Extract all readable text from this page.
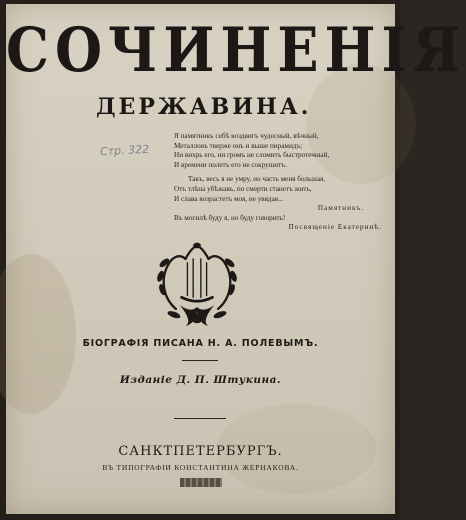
СОЧИНЕНІЯ
ДЕРЖАВИНА.
Стр. 322
Я памятникъ себѣ воздвигъ чудесный, вѣчный,
Металловъ тверже онъ и выше пирамидъ;
Ни вихрь его, ни громъ не сломитъ быстротечный,
И времени полетъ его не сокрушитъ.
Такъ, весь я не умру, но часть меня большая,
Отъ тлѣна убѣжавъ, по смерти станетъ жить,
И слава возрастетъ моя, не увядая...
Памятникъ.
Въ могилѣ буду я, но буду говорить!
Посвященіе Екатеринѣ.
БІОГРАФІЯ ПИСАНА Н. А. ПОЛЕВЫМЪ.
Изданіе Д. П. Штукина.
САНКТПЕТЕРБУРГЪ.
ВЪ ТИПОГРАФІИ КОНСТАНТИНА ЖЕРНАКОВА.
